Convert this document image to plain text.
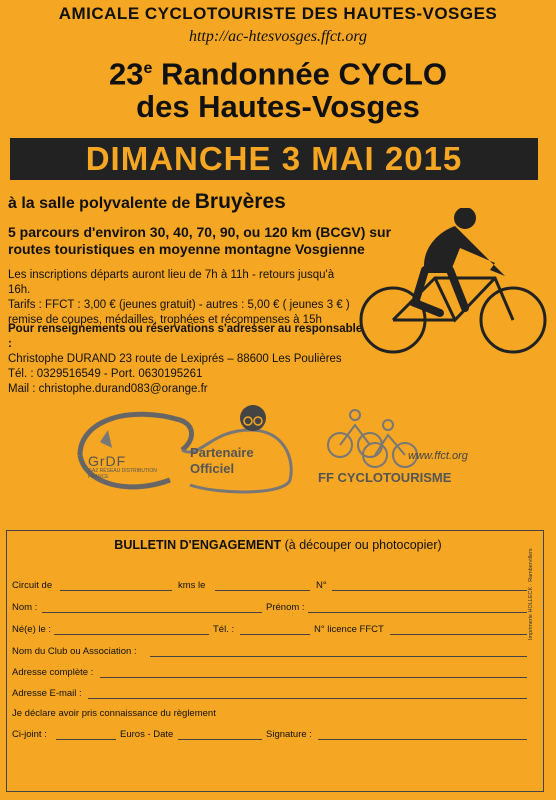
AMICALE CYCLOTOURISTE DES HAUTES-VOSGES
http://ac-htesvosges.ffct.org
23e Randonnée CYCLO
des Hautes-Vosges
DIMANCHE 3 MAI 2015
à la salle polyvalente de Bruyères
5 parcours d'environ 30, 40, 70, 90, ou 120 km (BCGV) sur routes touristiques en moyenne montagne Vosgienne
Les inscriptions départs auront lieu de 7h à 11h - retours jusqu'à 16h.
Tarifs : FFCT : 3,00 € (jeunes gratuit) - autres : 5,00 € ( jeunes 3 € )
remise de coupes, médailles, trophées et récompenses à 15h
Pour renseignements ou réservations s'adresser au responsable :
Christophe DURAND 23 route de Lexiprés – 88600 Les Poulières
Tél. : 0329516549 - Port. 0630195261
Mail : christophe.durand083@orange.fr
GrDF
GAZ RÉSEAU DISTRIBUTION FRANCE
Partenaire
Officiel
www.ffct.org
FF CYCLOTOURISME
BULLETIN D'ENGAGEMENT (à découper ou photocopier)
Circuit de	kms le	N°
Nom :	Prénom :
Né(e) le :	Tél. :	N° licence FFCT
Nom du Club ou Association :
Adresse complète :
Adresse E-mail :
Je déclare avoir pris connaissance du règlement
Ci-joint :	Euros - Date	Signature :
Imprimerie HOLLECK · Rambervillers
